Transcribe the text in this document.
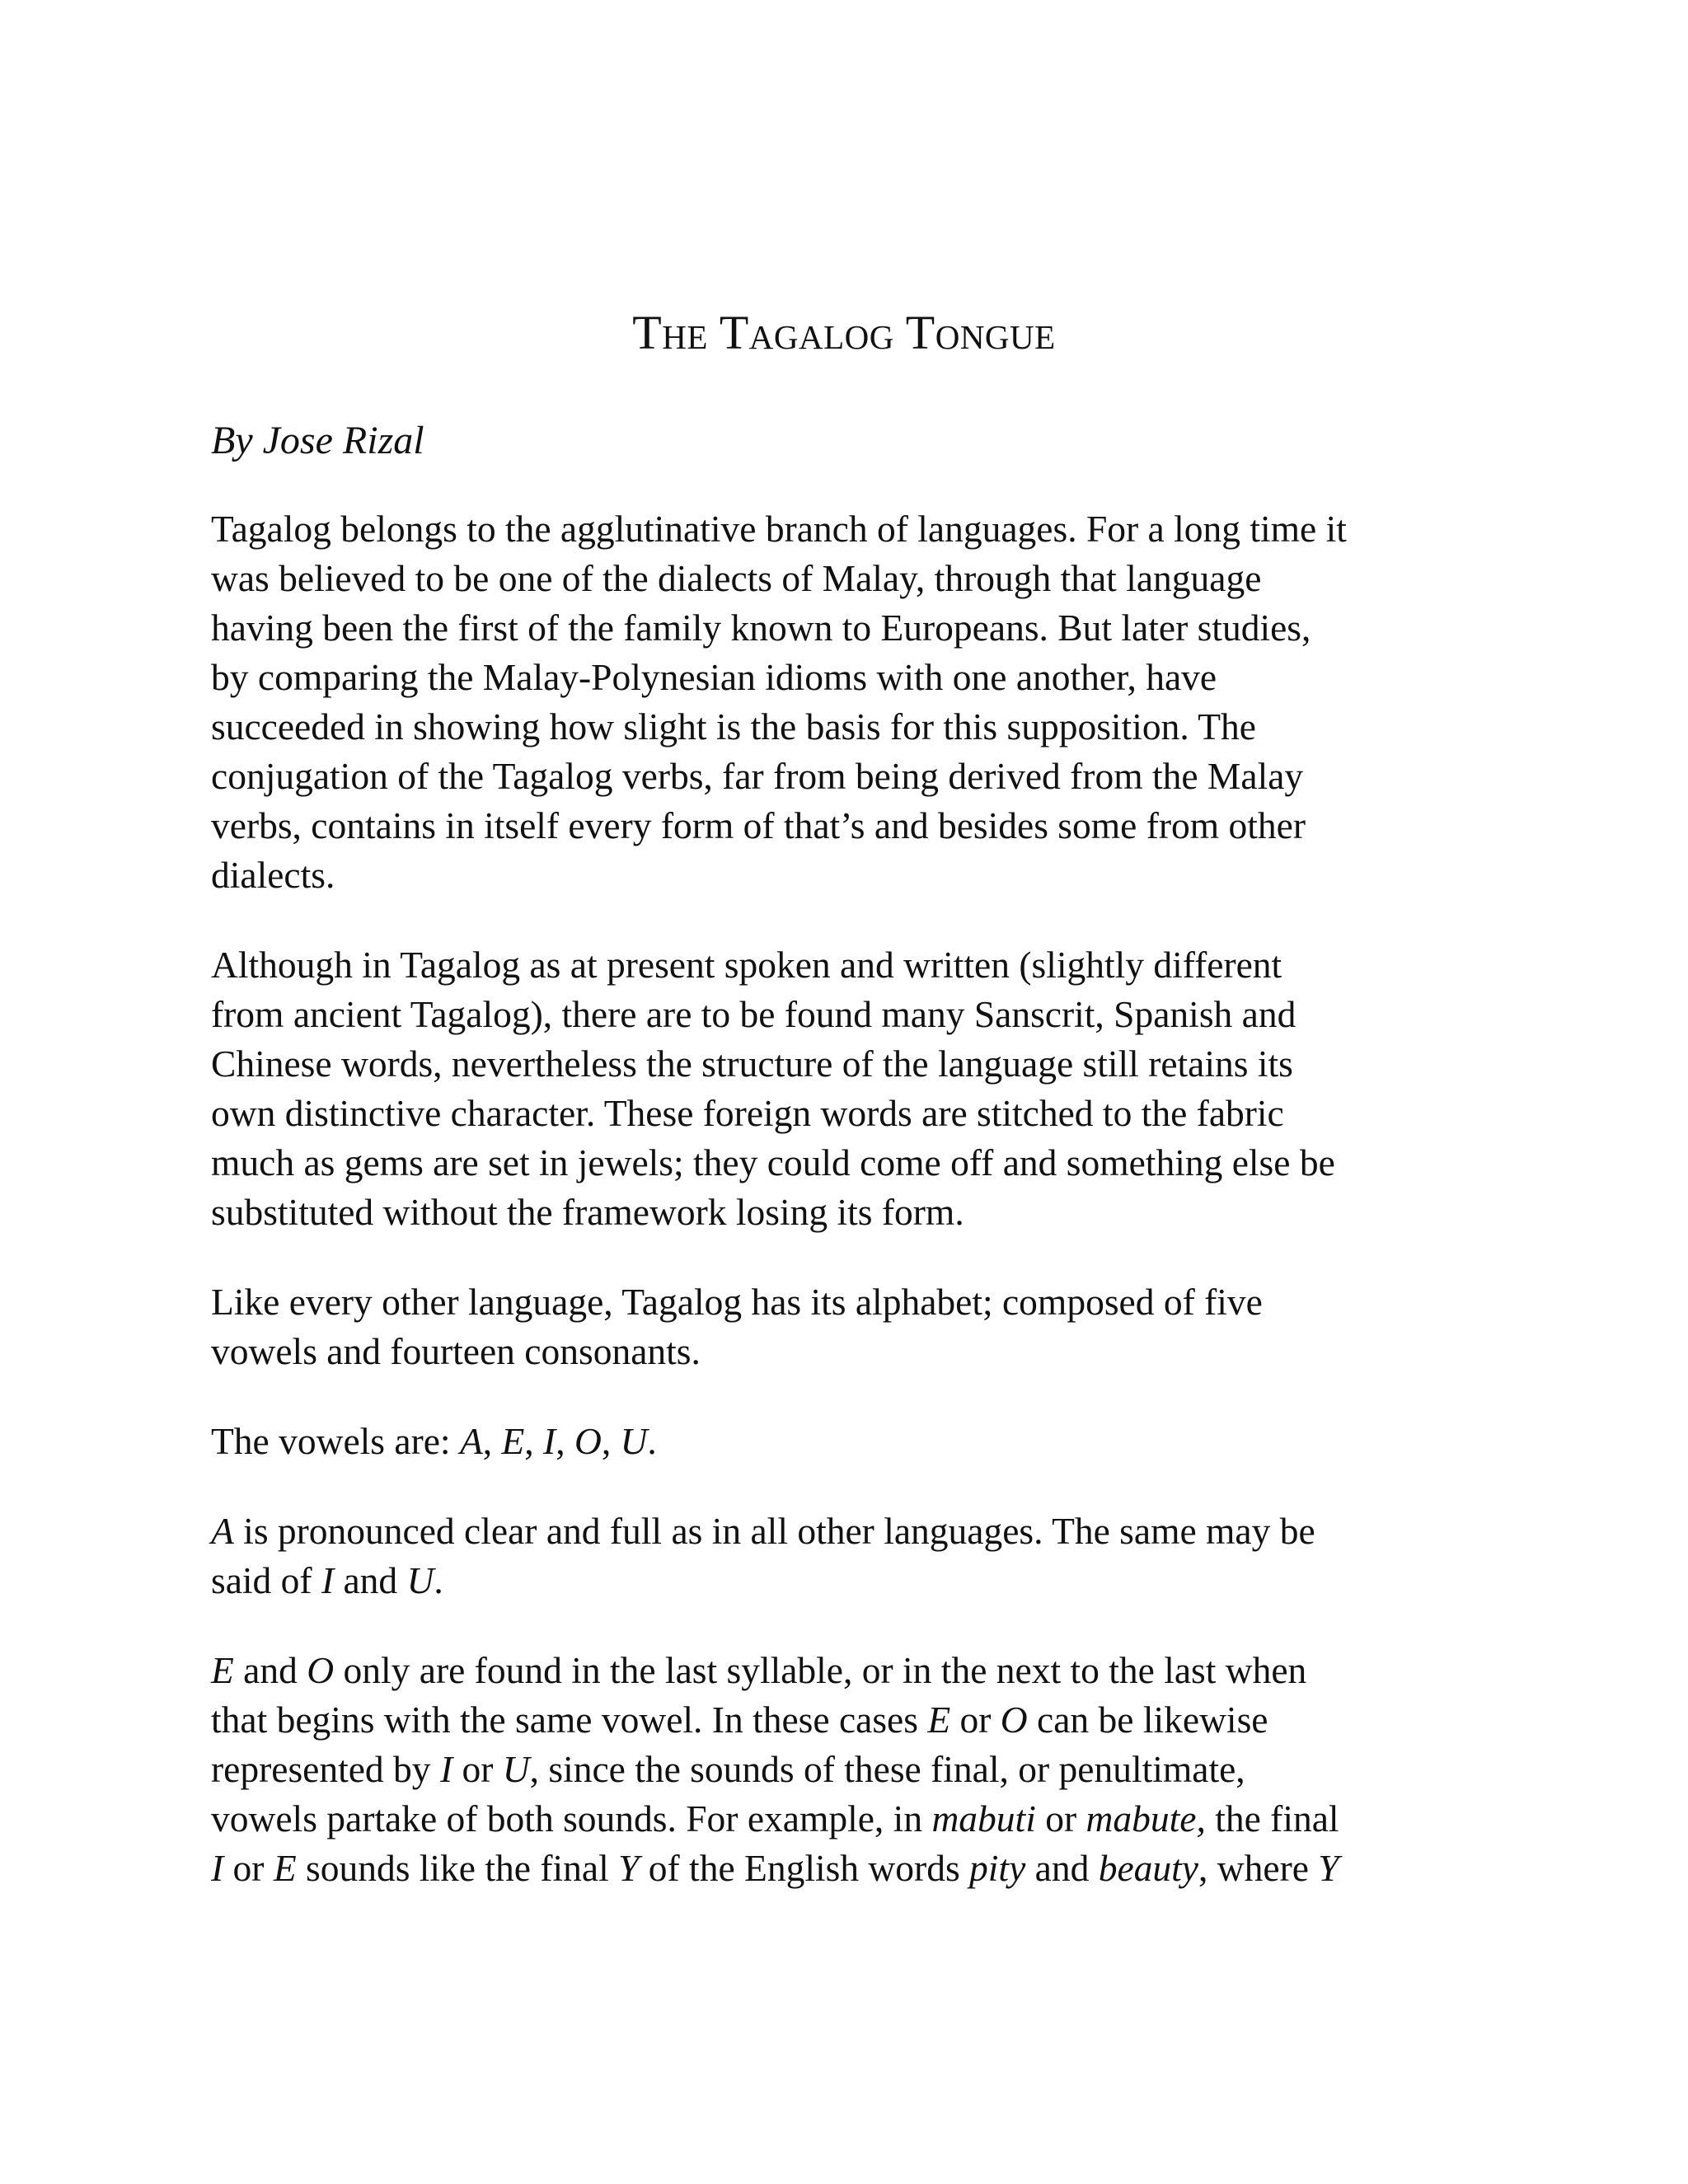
The Tagalog Tongue
By Jose Rizal

Tagalog belongs to the agglutinative branch of languages. For a long time it
was believed to be one of the dialects of Malay, through that language
having been the first of the family known to Europeans. But later studies,
by comparing the Malay-Polynesian idioms with one another, have
succeeded in showing how slight is the basis for this supposition. The
conjugation of the Tagalog verbs, far from being derived from the Malay
verbs, contains in itself every form of that’s and besides some from other
dialects.

Although in Tagalog as at present spoken and written (slightly different
from ancient Tagalog), there are to be found many Sanscrit, Spanish and
Chinese words, nevertheless the structure of the language still retains its
own distinctive character. These foreign words are stitched to the fabric
much as gems are set in jewels; they could come off and something else be
substituted without the framework losing its form.

Like every other language, Tagalog has its alphabet; composed of five
vowels and fourteen consonants.

The vowels are: A, E, I, O, U.

A is pronounced clear and full as in all other languages. The same may be
said of I and U.

E and O only are found in the last syllable, or in the next to the last when
that begins with the same vowel. In these cases E or O can be likewise
represented by I or U, since the sounds of these final, or penultimate,
vowels partake of both sounds. For example, in mabuti or mabute, the final
I or E sounds like the final Y of the English words pity and beauty, where Y
